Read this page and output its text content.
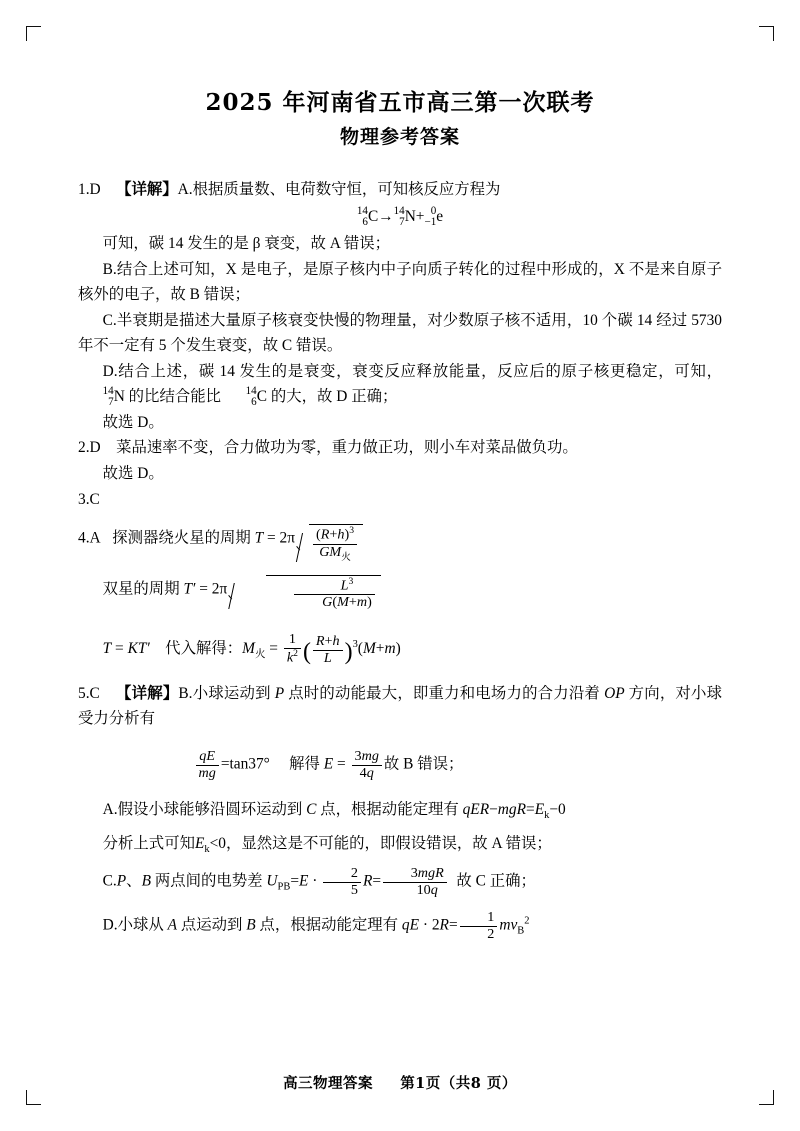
2025 年河南省五市高三第一次联考
物理参考答案

1.D 【详解】A.根据质量数、电荷数守恒，可知核反应方程为

14
6 C→ 14
7 N+ 0
−1 e

可知，碳 14 发生的是 β 衰变，故 A 错误；

B.结合上述可知，X 是电子，是原子核内中子向质子转化的过程中形成的，X 不是来自原子核外的电子，故 B 错误；

C.半衰期是描述大量原子核衰变快慢的物理量，对少数原子核不适用，10 个碳 14 经过 5730 年不一定有 5 个发生衰变，故 C 错误。

D.结合上述，碳 14 发生的是衰变，衰变反应释放能量，反应后的原子核更稳定，可知，
14
7 N 的比结合能比	14
6 C 的大，故 D 正确；

故选 D。

2.D 菜品速率不变，合力做功为零，重力做正功，则小车对菜品做负功。

故选 D。

3.C

4.A 探测器绕火星的周期 $T = 2\pi \frac{(R+h)^3}{GM_火}$

双星的周期 T′ = 2π	$\frac{L^3}{G(M+m)}$

T = KT′    代入解得：$M_火 = \frac{1}{k^2}$ ( $\frac{R+h}{L} )^3(M+m)$

5.C 【详解】B.小球运动到 P 点时的动能最大，即重力和电场力的合力沿着 OP 方向，对小球受力分析有

$\frac{qE}{mg} =\tan 37^\circ$     解得 $E = \frac{3mg}{4q}$ 故 B 错误；

A.假设小球能够沿圆环运动到 C 点，根据动能定理有 $qER-mgR=E_k-0$

分析上式可知$E_k<0$，显然这是不可能的，即假设错误，故 A 错误；

C.P、B 两点间的电势差 $U_{PB}=E \cdot \frac{2}{5} R= \frac{\text{3mgR}}{10q}$ 故 C 正确；

D.小球从 A 点运动到 B 点，根据动能定理有 qE · $2R= \frac{1}{2} mv_B^2$

高三物理答案 第1页（共8 页）
